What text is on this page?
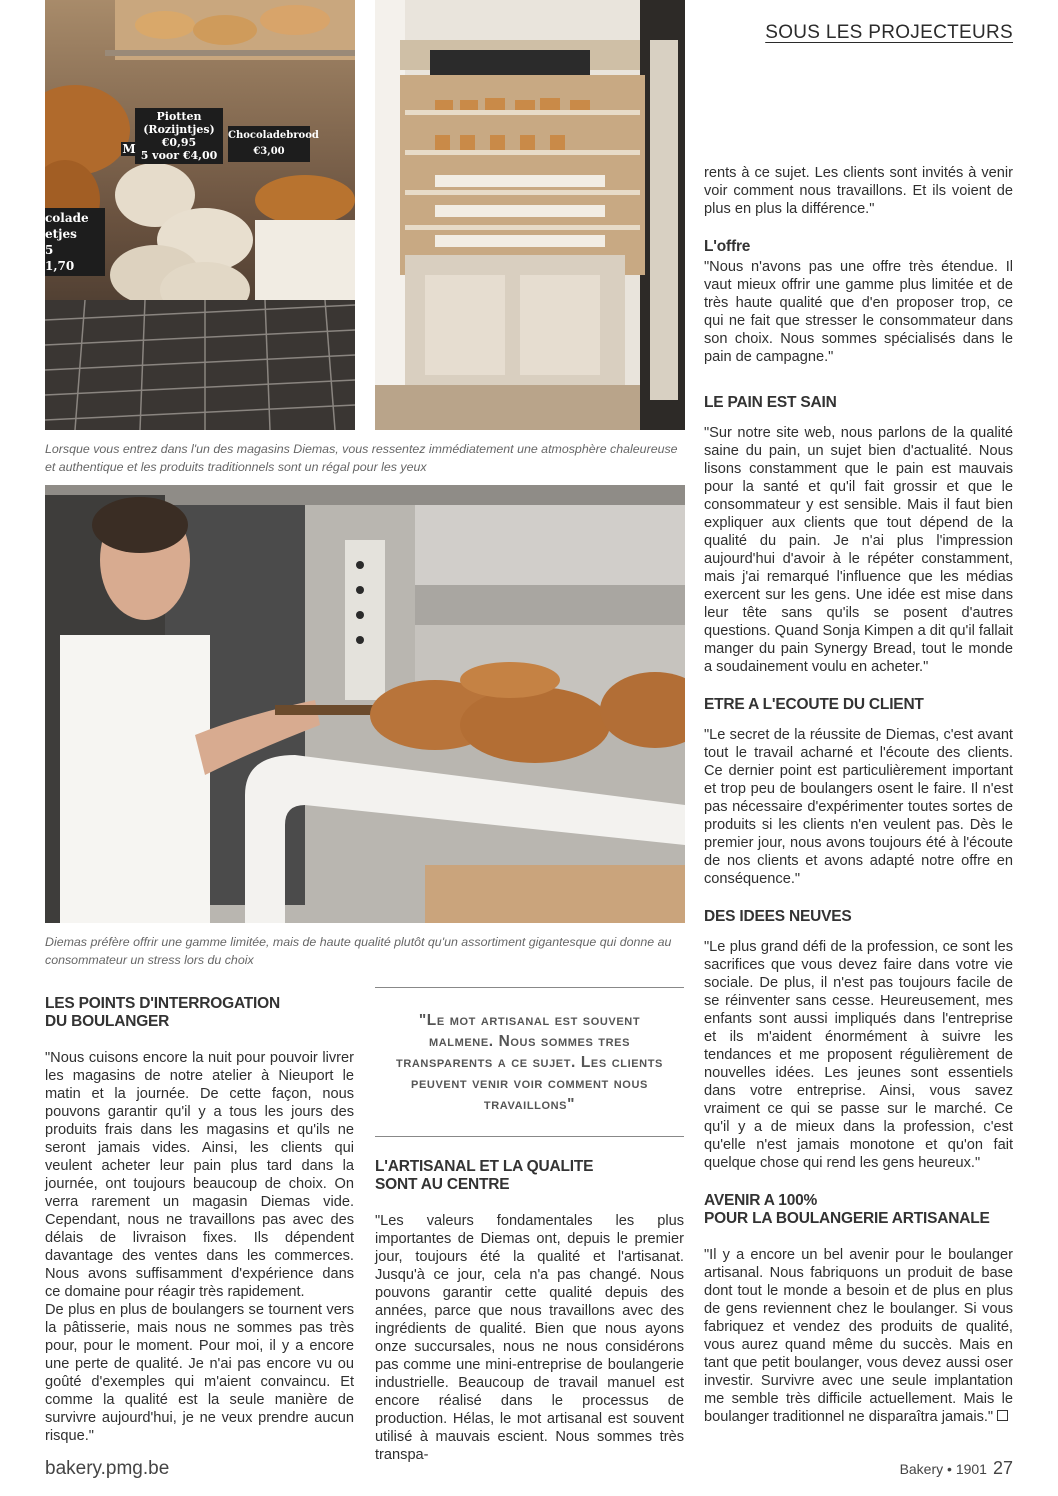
SOUS LES PROJECTEURS
Piotten
(Rozijntjes)
€0,95
5 voor €4,00
M
Chocoladebrood
€3,00
colade
etjes
5
1,70

Lorsque vous entrez dans l'un des magasins Diemas, vous ressentez immédiatement une atmosphère chaleureuse et authentique et les produits traditionnels sont un régal pour les yeux

Diemas préfère offrir une gamme limitée, mais de haute qualité plutôt qu'un assortiment gigantesque qui donne au consommateur un stress lors du choix

LES POINTS D'INTERROGATION
DU BOULANGER

"Nous cuisons encore la nuit pour pouvoir livrer les magasins de notre atelier à Nieuport le matin et la journée. De cette façon, nous pouvons garantir qu'il y a tous les jours des produits frais dans les magasins et qu'ils ne seront jamais vides. Ainsi, les clients qui veulent acheter leur pain plus tard dans la journée, ont toujours beaucoup de choix. On verra rarement un magasin Diemas vide. Cependant, nous ne travaillons pas avec des délais de livraison fixes. Ils dépendent davantage des ventes dans les commerces. Nous avons suffisamment d'expérience dans ce domaine pour réagir très rapidement.

De plus en plus de boulangers se tournent vers la pâtisserie, mais nous ne sommes pas très pour, pour le moment. Pour moi, il y a encore une perte de qualité. Je n'ai pas encore vu ou goûté d'exemples qui m'aient convaincu. Et comme la qualité est la seule manière de survivre aujourd'hui, je ne veux prendre aucun risque."

"Le mot artisanal est souvent malmene. Nous sommes tres transparents a ce sujet. Les clients peuvent venir voir comment nous travaillons"
L'ARTISANAL ET LA QUALITE
SONT AU CENTRE

"Les valeurs fondamentales les plus importantes de Diemas ont, depuis le premier jour, toujours été la qualité et l'artisanat. Jusqu'à ce jour, cela n'a pas changé. Nous pouvons garantir cette qualité depuis des années, parce que nous travaillons avec des ingrédients de qualité. Bien que nous ayons onze succursales, nous ne nous considérons pas comme une mini-entreprise de boulangerie industrielle. Beaucoup de travail manuel est encore réalisé dans le processus de production. Hélas, le mot artisanal est souvent utilisé à mauvais escient. Nous sommes très transpa-

rents à ce sujet. Les clients sont invités à venir voir comment nous travaillons. Et ils voient de plus en plus la différence."

L'offre

"Nous n'avons pas une offre très étendue. Il vaut mieux offrir une gamme plus limitée et de très haute qualité que d'en proposer trop, ce qui ne fait que stresser le consommateur dans son choix. Nous sommes spécialisés dans le pain de campagne."

LE PAIN EST SAIN

"Sur notre site web, nous parlons de la qualité saine du pain, un sujet bien d'actualité. Nous lisons constamment que le pain est mauvais pour la santé et qu'il fait grossir et que le consommateur y est sensible. Mais il faut bien expliquer aux clients que tout dépend de la qualité du pain. Je n'ai plus l'impression aujourd'hui d'avoir à le répéter constamment, mais j'ai remarqué l'influence que les médias exercent sur les gens. Une idée est mise dans leur tête sans qu'ils se posent d'autres questions. Quand Sonja Kimpen a dit qu'il fallait manger du pain Synergy Bread, tout le monde a soudainement voulu en acheter."

ETRE A L'ECOUTE DU CLIENT

"Le secret de la réussite de Diemas, c'est avant tout le travail acharné et l'écoute des clients. Ce dernier point est particulièrement important et trop peu de boulangers osent le faire. Il n'est pas nécessaire d'expérimenter toutes sortes de produits si les clients n'en veulent pas. Dès le premier jour, nous avons toujours été à l'écoute de nos clients et avons adapté notre offre en conséquence."

DES IDEES NEUVES

"Le plus grand défi de la profession, ce sont les sacrifices que vous devez faire dans votre vie sociale. De plus, il n'est pas toujours facile de se réinventer sans cesse. Heureusement, mes enfants sont aussi impliqués dans l'entreprise et ils m'aident énormément à suivre les tendances et me proposent régulièrement de nouvelles idées. Les jeunes sont essentiels dans votre entreprise. Ainsi, vous savez vraiment ce qui se passe sur le marché. Ce qu'il y a de mieux dans la profession, c'est qu'elle n'est jamais monotone et qu'on fait quelque chose qui rend les gens heureux."

AVENIR A 100%
POUR LA BOULANGERIE ARTISANALE

"Il y a encore un bel avenir pour le boulanger artisanal. Nous fabriquons un produit de base dont tout le monde a besoin et de plus en plus de gens reviennent chez le boulanger. Si vous fabriquez et vendez des produits de qualité, vous aurez quand même du succès. Mais en tant que petit boulanger, vous devez aussi oser investir. Survivre avec une seule implantation me semble très difficile actuellement. Mais le boulanger traditionnel ne disparaîtra jamais."

bakery.pmg.be	Bakery • 1901 27
